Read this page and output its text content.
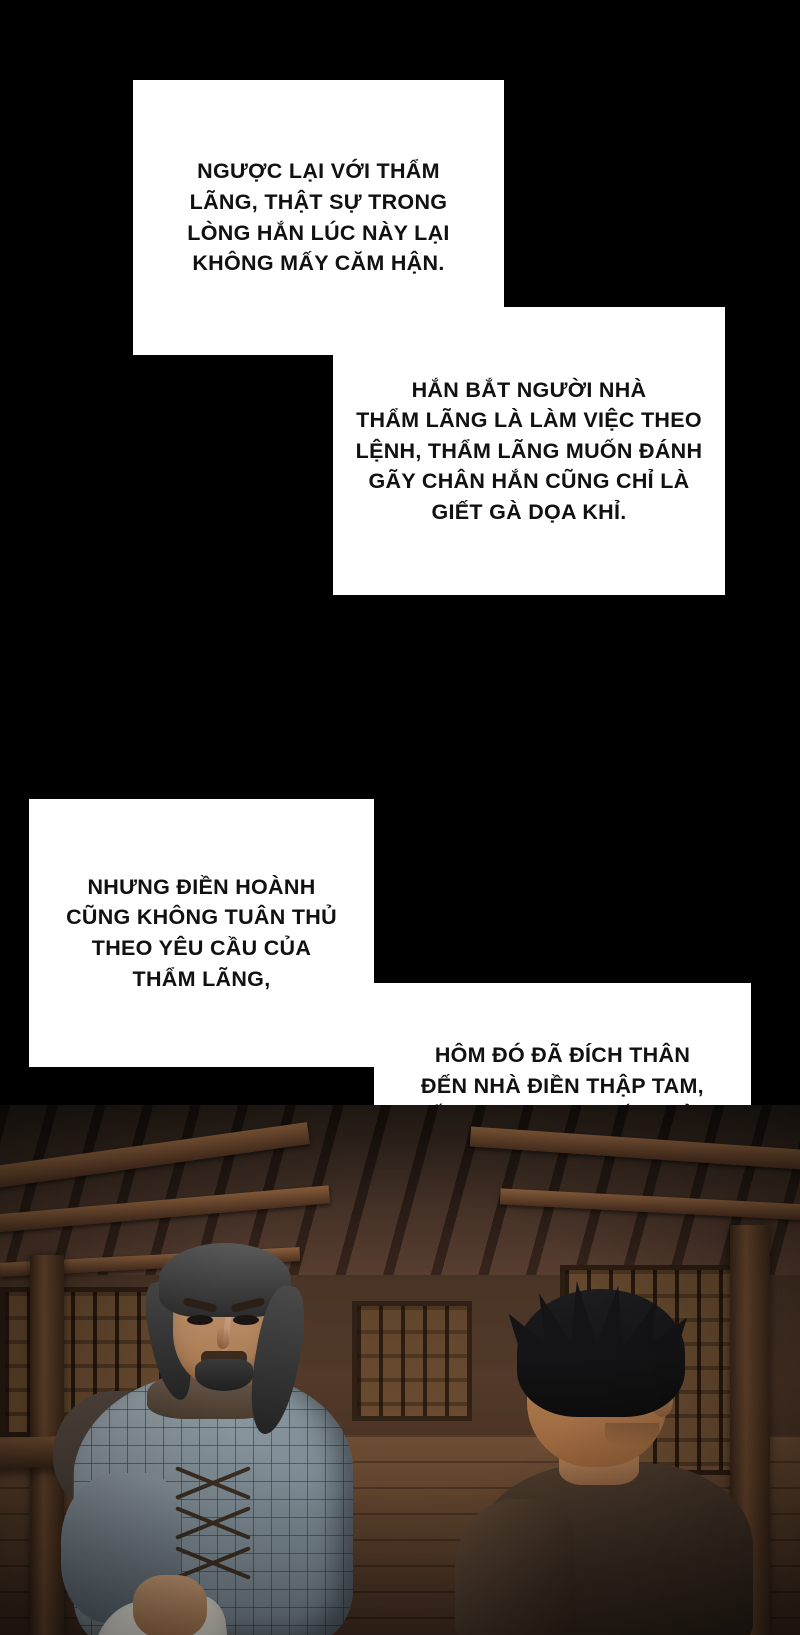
NGƯỢC LẠI VỚI THẨM
LÃNG, THẬT SỰ TRONG
LÒNG HẮN LÚC NÀY LẠI
KHÔNG MẤY CĂM HẬN.
HẮN BẮT NGƯỜI NHÀ
THẨM LÃNG LÀ LÀM VIỆC THEO
LỆNH, THẨM LÃNG MUỐN ĐÁNH
GÃY CHÂN HẮN CŨNG CHỈ LÀ
GIẾT GÀ DỌA KHỈ.
NHƯNG ĐIỀN HOÀNH
CŨNG KHÔNG TUÂN THỦ
THEO YÊU CẦU CỦA
THẨM LÃNG,
HÔM ĐÓ ĐÃ ĐÍCH THÂN
ĐẾN NHÀ ĐIỀN THẬP TAM,
